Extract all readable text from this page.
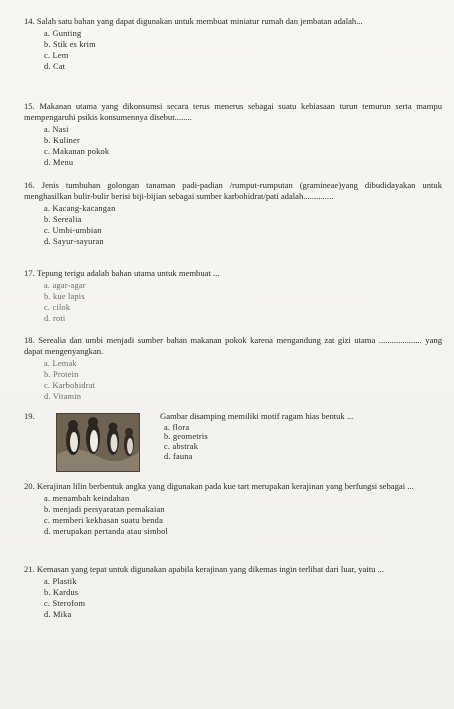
14. Salah satu bahan yang dapat digunakan untuk membuat miniatur rumah dan jembatan adalah...
a. Gunting
b. Stik es krim
c. Lem
d. Cat
15. Makanan utama yang dikonsumsi secara terus menerus sebagai suatu kebiasaan turun temurun serta mampu mempengaruhi psikis konsumennya disebut........
a. Nasi
b. Kuliner
c. Makanan pokok
d. Menu
16. Jenis tumbuhan golongan tanaman padi-padian /rumput-rumputan (gramineae)yang dibudidayakan untuk menghasilkan bulir-bulir berisi biji-bijian sebagai sumber karbohidrat/pati adalah..............
a. Kacang-kacangan
b. Serealia
c. Umbi-umbian
d. Sayur-sayuran
17. Tepung terigu adalah bahan utama untuk membuat ...
a. agar-agar
b. kue lapis
c. cilok
d. roti
18. Serealia dan umbi menjadi sumber bahan makanan pokok karena mengandung zat gizi utama .................... yang dapat mengenyangkan.
a. Lemak
b. Protein
c. Karbohidrat
d. Vitamin
19.	Gambar disamping memiliki motif ragam hias bentuk ...
a. flora
b. geometris
c. abstrak
d. fauna
20. Kerajinan lilin berbentuk angka yang digunakan pada kue tart merupakan kerajinan yang berfungsi sebagai ...
a. menambah keindahan
b. menjadi persyaratan pemakaian
c. memberi kekhasan suatu benda
d. merupakan pertanda atau simbol
21. Kemasan yang tepat untuk digunakan apabila kerajinan yang dikemas ingin terlihat dari luar, yaitu ...
a. Plastik
b. Kardus
c. Sterofom
d. Mika
